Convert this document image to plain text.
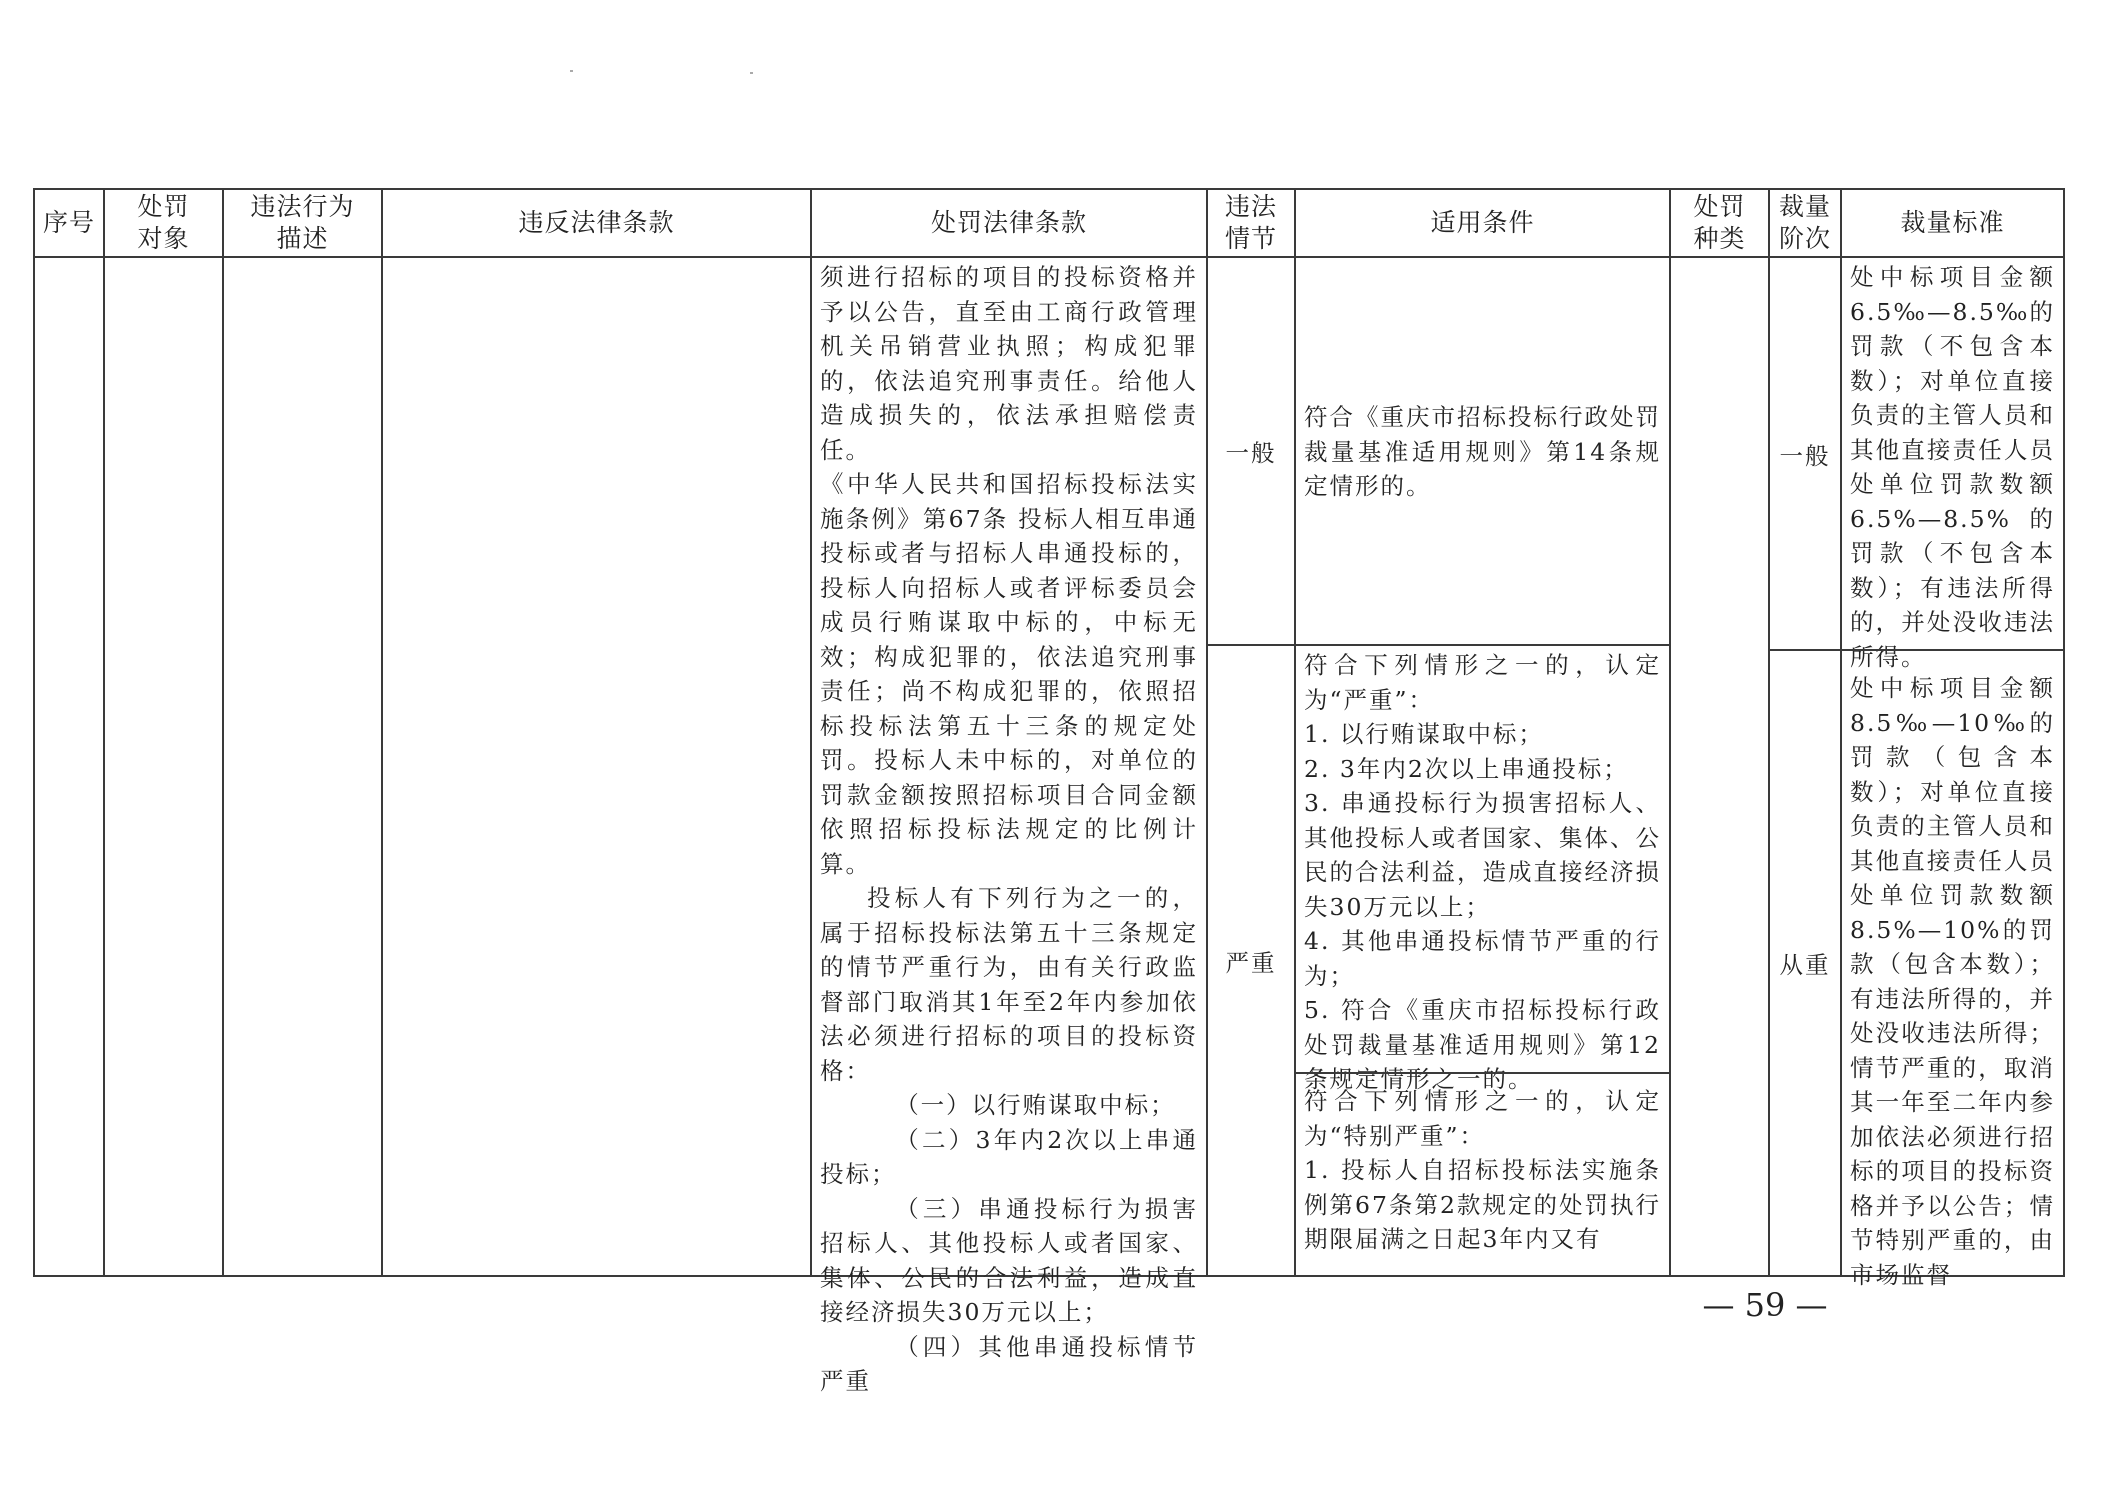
序号
处罚
对象
违法行为
描述
违反法律条款	处罚法律条款
违法
情节
适用条件
处罚
种类
裁量
阶次
裁量标准

须进行招标的项目的投标资格并予以公告，直至由工商行政管理机关吊销营业执照；构成犯罪的，依法追究刑事责任。给他人造成损失的，依法承担赔偿责任。

《中华人民共和国招标投标法实施条例》第67条 投标人相互串通投标或者与招标人串通投标的，投标人向招标人或者评标委员会成员行贿谋取中标的，中标无效；构成犯罪的，依法追究刑事责任；尚不构成犯罪的，依照招标投标法第五十三条的规定处罚。投标人未中标的，对单位的罚款金额按照招标项目合同金额依照招标投标法规定的比例计算。

投标人有下列行为之一的，属于招标投标法第五十三条规定的情节严重行为，由有关行政监督部门取消其1年至2年内参加依法必须进行招标的项目的投标资格：

（一）以行贿谋取中标；

（二）3年内2次以上串通投标；

（三）串通投标行为损害招标人、其他投标人或者国家、集体、公民的合法利益，造成直接经济损失30万元以上；

（四）其他串通投标情节严重

一般
严重

符合《重庆市招标投标行政处罚裁量基准适用规则》第14条规定情形的。

符合下列情形之一的，认定为“严重”：

1. 以行贿谋取中标；

2. 3年内2次以上串通投标；

3. 串通投标行为损害招标人、其他投标人或者国家、集体、公民的合法利益，造成直接经济损失30万元以上；

4. 其他串通投标情节严重的行为；

5. 符合《重庆市招标投标行政处罚裁量基准适用规则》第12条规定情形之一的。

符合下列情形之一的，认定为“特别严重”：

1. 投标人自招标投标法实施条例第67条第2款规定的处罚执行期限届满之日起3年内又有

一般
从重

处中标项目金额6.5‰—8.5‰的罚款（不包含本数）；对单位直接负责的主管人员和其他直接责任人员处单位罚款数额6.5%—8.5%的罚款（不包含本数）；有违法所得的，并处没收违法所得。

处中标项目金额8.5‰—10‰的罚款（包含本数）；对单位直接负责的主管人员和其他直接责任人员处单位罚款数额8.5%—10%的罚款（包含本数）；有违法所得的，并处没收违法所得；情节严重的，取消其一年至二年内参加依法必须进行招标的项目的投标资格并予以公告；情节特别严重的，由市场监督

— 59 —
